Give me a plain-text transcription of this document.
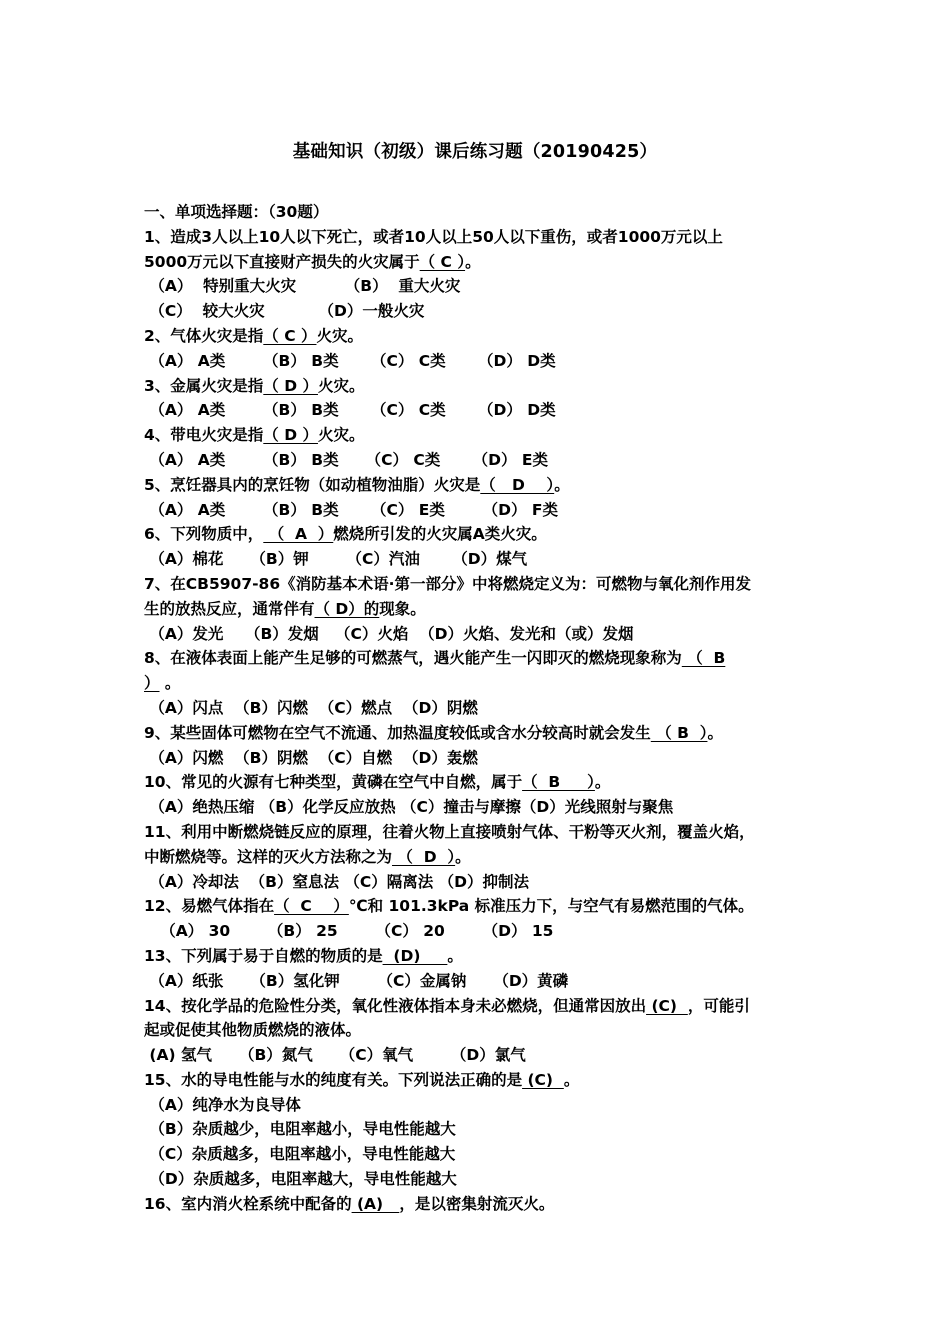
基础知识（初级）课后练习题（20190425）
一、单项选择题：（30题）
1、造成3人以上10人以下死亡，或者10人以上50人以下重伤，或者1000万元以上
5000万元以下直接财产损失的火灾属于（ C ）。
（A）  特别重大火灾         （B）  重大火灾
（C）  较大火灾          （D）一般火灾
2、气体火灾是指（ C ）火灾。
（A） A类       （B） B类      （C） C类      （D） D类
3、金属火灾是指（ D ）火灾。
（A） A类       （B） B类      （C） C类      （D） D类
4、带电火灾是指（ D ）火灾。
（A） A类       （B） B类     （C） C类      （D） E类
5、烹饪器具内的烹饪物（如动植物油脂）火灾是（   D    ）。
（A） A类       （B） B类      （C） E类       （D） F类
6、下列物质中， （  A  ）燃烧所引发的火灾属A类火灾。
（A）棉花     （B）钾       （C）汽油      （D）煤气
7、在CB5907-86《消防基本术语·第一部分》中将燃烧定义为：可燃物与氧化剂作用发
生的放热反应，通常伴有（ D）的现象。
（A）发光    （B）发烟   （C）火焰  （D）火焰、发光和（或）发烟
8、在液体表面上能产生足够的可燃蒸气，遇火能产生一闪即灭的燃烧现象称为 （  B
） 。
（A）闪点  （B）闪燃  （C）燃点  （D）阴燃
9、某些固体可燃物在空气不流通、加热温度较低或含水分较高时就会发生 （ B  ）。
（A）闪燃  （B）阴燃  （C）自燃  （D）轰燃
10、常见的火源有七种类型，黄磷在空气中自燃，属于（  B     ）。
（A）绝热压缩 （B）化学反应放热 （C）撞击与摩擦（D）光线照射与聚焦
11、利用中断燃烧链反应的原理，往着火物上直接喷射气体、干粉等灭火剂，覆盖火焰，
中断燃烧等。这样的灭火方法称之为 （  D  ）。
（A）冷却法  （B）窒息法 （C）隔离法 （D）抑制法
12、易燃气体指在（  C    ）℃和 101.3kPa 标准压力下，与空气有易燃范围的气体。
（A） 30       （B） 25       （C） 20       （D） 15
13、下列属于易于自燃的物质的是  (D)     。
（A）纸张     （B）氢化钾       （C）金属钠     （D）黄磷
14、按化学品的危险性分类，氧化性液体指本身未必燃烧，但通常因放出 (C)  ，可能引
起或促使其他物质燃烧的液体。
(A) 氢气     （B）氮气     （C）氧气       （D）氯气
15、水的导电性能与水的纯度有关。下列说法正确的是 (C)  。
（A）纯净水为良导体
（B）杂质越少，电阻率越小，导电性能越大
（C）杂质越多，电阻率越小，导电性能越大
（D）杂质越多，电阻率越大，导电性能越大
16、室内消火栓系统中配备的 (A)   ，是以密集射流灭火。
